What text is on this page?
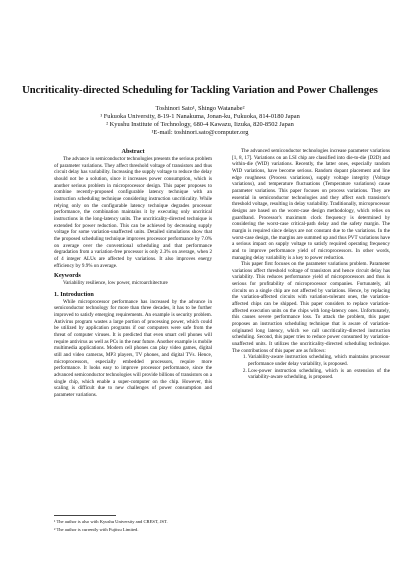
Uncriticality-directed Scheduling for Tackling Variation and Power Challenges
Toshinori Sato¹, Shingo Watanabe²
¹ Fukuoka University, 8-19-1 Nanakuma, Jonan-ku, Fukuoka, 814-0180 Japan
² Kyushu Institute of Technology, 680-4 Kawazu, Iizuka, 820-8502 Japan
¹E-mail: toshinori.sato@computer.org
Abstract

The advance in semiconductor technologies presents the serious problem of parameter variations. They affect threshold voltage of transistors and thus circuit delay has variability. Increasing the supply voltage to reduce the delay should not be a solution, since it increases power consumption, which is another serious problem in microprocessor design. This paper proposes to combine recently-proposed configurable latency technique with an instruction scheduling technique considering instruction uncriticality. While relying only on the configurable latency technique degrades processor performance, the combination maintains it by executing only uncritical instructions in the long-latency units. The uncriticality-directed technique is extended for power reduction. This can be achieved by decreasing supply voltage for some variation-unaffected units. Detailed simulations show that the proposed scheduling technique improves processor performance by 7.0% on average over the conventional scheduling and that performance degradation from a variation-free processor is only 2.3% on average, when 2 of 4 integer ALUs are affected by variations. It also improves energy efficiency by 9.9% on average.

Keywords

Variability resilience, low power, microarchitecture

1. Introduction

While microprocessor performance has increased by the advance in semiconductor technology for more than three decades, it has to be further improved to satisfy emerging requirements. An example is security problem. Antivirus program wastes a large portion of processing power, which could be utilized by application programs if our computers were safe from the threat of computer viruses. It is predicted that even smart cell phones will require antivirus as well as PCs in the near future. Another example is mobile multimedia applications. Modern cell phones can play video games, digital still and video cameras, MP3 players, TV phones, and digital TVs. Hence, microprocessors, especially embedded processors, require more performance. It looks easy to improve processor performance, since the advanced semiconductor technologies will provide billions of transistors on a single chip, which enable a super-computer on the chip. However, this scaling is difficult due to new challenges of power consumption and parameter variations.

¹ The author is also with Kyushu University and CREST, JST.
² The author is currently with Fujitsu Limited.

The advanced semiconductor technologies increase parameter variations [1, 8, 17]. Variations on an LSI chip are classified into die-to-die (D2D) and within-die (WID) variations. Recently, the latter ones, especially random WID variations, have become serious. Random dopant placement and line edge roughness (Process variations), supply voltage integrity (Voltage variations), and temperature fluctuations (Temperature variations) cause parameter variations. This paper focuses on process variations. They are essential in semiconductor technologies and they affect each transistor's threshold voltage, resulting in delay variability. Traditionally, microprocessor designs are based on the worst-case design methodology, which relies on guardband. Processor's maximum clock frequency is determined by considering the worst-case critical-path delay and the safety margin. The margin is required since delays are not constant due to the variations. In the worst-case design, the margins are summed up and thus PVT variations have a serious impact on supply voltage to satisfy required operating frequency and to improve performance yield of microprocessors. In other words, managing delay variability is a key to power reduction.

This paper first focuses on the parameter variations problem. Parameter variations affect threshold voltage of transistors and hence circuit delay has variability. This reduces performance yield of microprocessors and thus is serious for profitability of microprocessor companies. Fortunately, all circuits on a single chip are not affected by variations. Hence, by replacing the variation-affected circuits with variation-tolerant ones, the variation-affected chips can be shipped. This paper considers to replace variation-affected execution units on the chips with long-latency ones. Unfortunately, this causes severe performance loss. To attack the problem, this paper proposes an instruction scheduling technique that is aware of variation-originated long latency, which we call uncriticality-directed instruction scheduling. Second, this paper tries to reduce power consumed by variation-unaffected units. It utilizes the uncriticality-directed scheduling technique. The contributions of this paper are as follows:

1. Variability-aware instruction scheduling, which maintains processor performance under delay variability, is proposed.
2. Low-power instruction scheduling, which is an extension of the variability-aware scheduling, is proposed.
